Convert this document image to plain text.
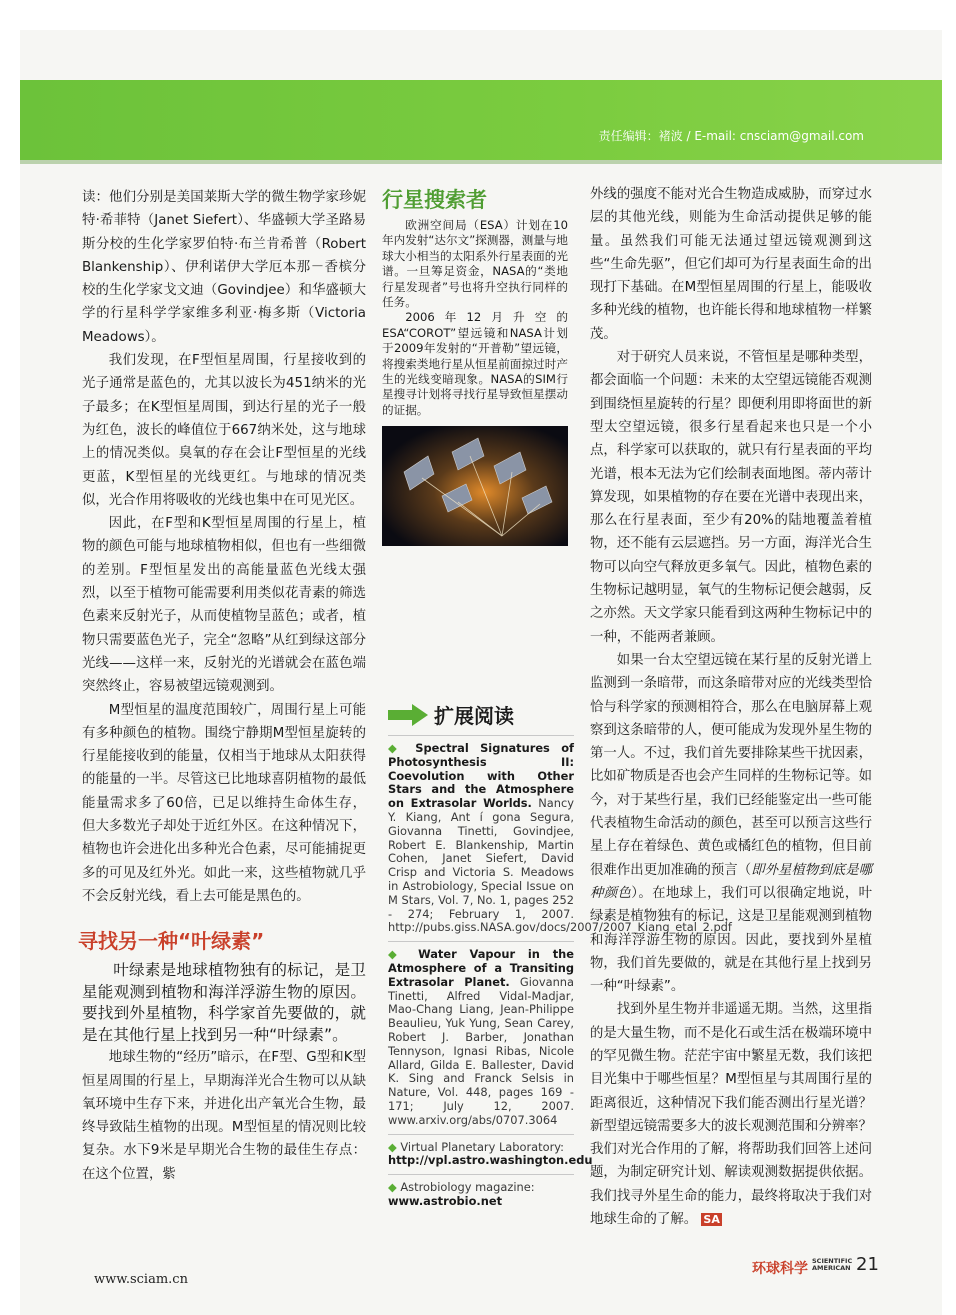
责任编辑：褚波 / E-mail: cnsciam@gmail.com

读：他们分别是美国莱斯大学的微生物学家珍妮特·希菲特（Janet Siefert）、华盛顿大学圣路易斯分校的生化学家罗伯特·布兰肯希普（Robert Blankenship）、伊利诺伊大学厄本那－香槟分校的生化学家戈文迪（Govindjee）和华盛顿大学的行星科学学家维多利亚·梅多斯（Victoria Meadows）。

我们发现，在F型恒星周围，行星接收到的光子通常是蓝色的，尤其以波长为451纳米的光子最多；在K型恒星周围，到达行星的光子一般为红色，波长的峰值位于667纳米处，这与地球上的情况类似。臭氧的存在会让F型恒星的光线更蓝，K型恒星的光线更红。与地球的情况类似，光合作用将吸收的光线也集中在可见光区。

因此，在F型和K型恒星周围的行星上，植物的颜色可能与地球植物相似，但也有一些细微的差别。F型恒星发出的高能量蓝色光线太强烈，以至于植物可能需要利用类似花青素的筛选色素来反射光子，从而使植物呈蓝色；或者，植物只需要蓝色光子，完全“忽略”从红到绿这部分光线——这样一来，反射光的光谱就会在蓝色端突然终止，容易被望远镜观测到。

M型恒星的温度范围较广，周围行星上可能有多种颜色的植物。围绕宁静期M型恒星旋转的行星能接收到的能量，仅相当于地球从太阳获得的能量的一半。尽管这已比地球喜阴植物的最低能量需求多了60倍，已足以维持生命体生存，但大多数光子却处于近红外区。在这种情况下，植物也许会进化出多种光合色素，尽可能捕捉更多的可见及红外光。如此一来，这些植物就几乎不会反射光线，看上去可能是黑色的。

寻找另一种“叶绿素”

叶绿素是地球植物独有的标记，是卫星能观测到植物和海洋浮游生物的原因。要找到外星植物，科学家首先要做的，就是在其他行星上找到另一种“叶绿素”。

地球生物的“经历”暗示，在F型、G型和K型恒星周围的行星上，早期海洋光合生物可以从缺氧环境中生存下来，并进化出产氧光合生物，最终导致陆生植物的出现。M型恒星的情况则比较复杂。水下9米是早期光合生物的最佳生存点：在这个位置，紫

行星搜索者

欧洲空间局（ESA）计划在10年内发射“达尔文”探测器，测量与地球大小相当的太阳系外行星表面的光谱。一旦筹足资金，NASA的“类地行星发现者”号也将升空执行同样的任务。

2006年12月升空的ESA“COROT”望远镜和NASA计划于2009年发射的“开普勒”望远镜，将搜索类地行星从恒星前面掠过时产生的光线变暗现象。NASA的SIM行星搜寻计划将寻找行星导致恒星摆动的证据。

扩展阅读

◆ Spectral Signatures of Photosynthesis II: Coevolution with Other Stars and the Atmosphere on Extrasolar Worlds. Nancy Y. Kiang, Ant í gona Segura, Giovanna Tinetti, Govindjee, Robert E. Blankenship, Martin Cohen, Janet Siefert, David Crisp and Victoria S. Meadows in Astrobiology, Special Issue on M Stars, Vol. 7, No. 1, pages 252 - 274; February 1, 2007. http://pubs.giss.NASA.gov/docs/2007/2007_Kiang_etal_2.pdf

◆ Water Vapour in the Atmosphere of a Transiting Extrasolar Planet. Giovanna Tinetti, Alfred Vidal-Madjar, Mao-Chang Liang, Jean-Philippe Beaulieu, Yuk Yung, Sean Carey, Robert J. Barber, Jonathan Tennyson, Ignasi Ribas, Nicole Allard, Gilda E. Ballester, David K. Sing and Franck Selsis in Nature, Vol. 448, pages 169 - 171; July 12, 2007. www.arxiv.org/abs/0707.3064

◆ Virtual Planetary Laboratory:
http://vpl.astro.washington.edu

◆ Astrobiology magazine:
www.astrobio.net

外线的强度不能对光合生物造成威胁，而穿过水层的其他光线，则能为生命活动提供足够的能量。虽然我们可能无法通过望远镜观测到这些“生命先驱”，但它们却可为行星表面生命的出现打下基础。在M型恒星周围的行星上，能吸收多种光线的植物，也许能长得和地球植物一样繁茂。

对于研究人员来说，不管恒星是哪种类型，都会面临一个问题：未来的太空望远镜能否观测到围绕恒星旋转的行星？即便利用即将面世的新型太空望远镜，很多行星看起来也只是一个小点，科学家可以获取的，就只有行星表面的平均光谱，根本无法为它们绘制表面地图。蒂内蒂计算发现，如果植物的存在要在光谱中表现出来，那么在行星表面，至少有20%的陆地覆盖着植物，还不能有云层遮挡。另一方面，海洋光合生物可以向空气释放更多氧气。因此，植物色素的生物标记越明显，氧气的生物标记便会越弱，反之亦然。天文学家只能看到这两种生物标记中的一种，不能两者兼顾。

如果一台太空望远镜在某行星的反射光谱上监测到一条暗带，而这条暗带对应的光线类型恰恰与科学家的预测相符合，那么在电脑屏幕上观察到这条暗带的人，便可能成为发现外星生物的第一人。不过，我们首先要排除某些干扰因素，比如矿物质是否也会产生同样的生物标记等。如今，对于某些行星，我们已经能鉴定出一些可能代表植物生命活动的颜色，甚至可以预言这些行星上存在着绿色、黄色或橘红色的植物，但目前很难作出更加准确的预言（即外星植物到底是哪种颜色）。在地球上，我们可以很确定地说，叶绿素是植物独有的标记，这是卫星能观测到植物和海洋浮游生物的原因。因此，要找到外星植物，我们首先要做的，就是在其他行星上找到另一种“叶绿素”。

找到外星生物并非遥遥无期。当然，这里指的是大量生物，而不是化石或生活在极端环境中的罕见微生物。茫茫宇宙中繁星无数，我们该把目光集中于哪些恒星？M型恒星与其周围行星的距离很近，这种情况下我们能否测出行星光谱？新型望远镜需要多大的波长观测范围和分辨率？我们对光合作用的了解，将帮助我们回答上述问题，为制定研究计划、解读观测数据提供依据。我们找寻外星生命的能力，最终将取决于我们对地球生命的了解。 SA

www.sciam.cn
环球科学 SCIENTIFIC
AMERICAN 21
